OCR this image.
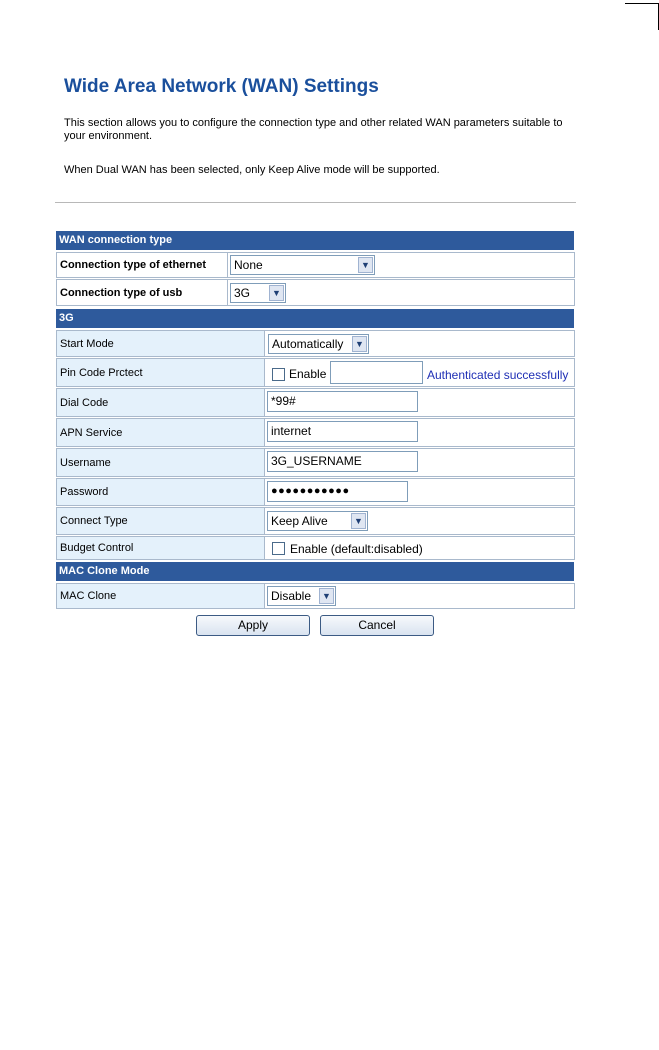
Wide Area Network (WAN) Settings
This section allows you to configure the connection type and other related WAN parameters suitable to your environment.
When Dual WAN has been selected, only Keep Alive mode will be supported.
WAN connection type
Connection type of ethernet	None	▼
Connection type of usb	3G	▼
3G
Start Mode	Automatically	▼
Pin Code Prctect	Enable	Authenticated successfully
Dial Code	*99#
APN Service	internet
Username	3G_USERNAME
Password	●●●●●●●●●●●
Connect Type	Keep Alive	▼
Budget Control	Enable (default:disabled)
MAC Clone Mode
MAC Clone	Disable	▼
Apply	Cancel
